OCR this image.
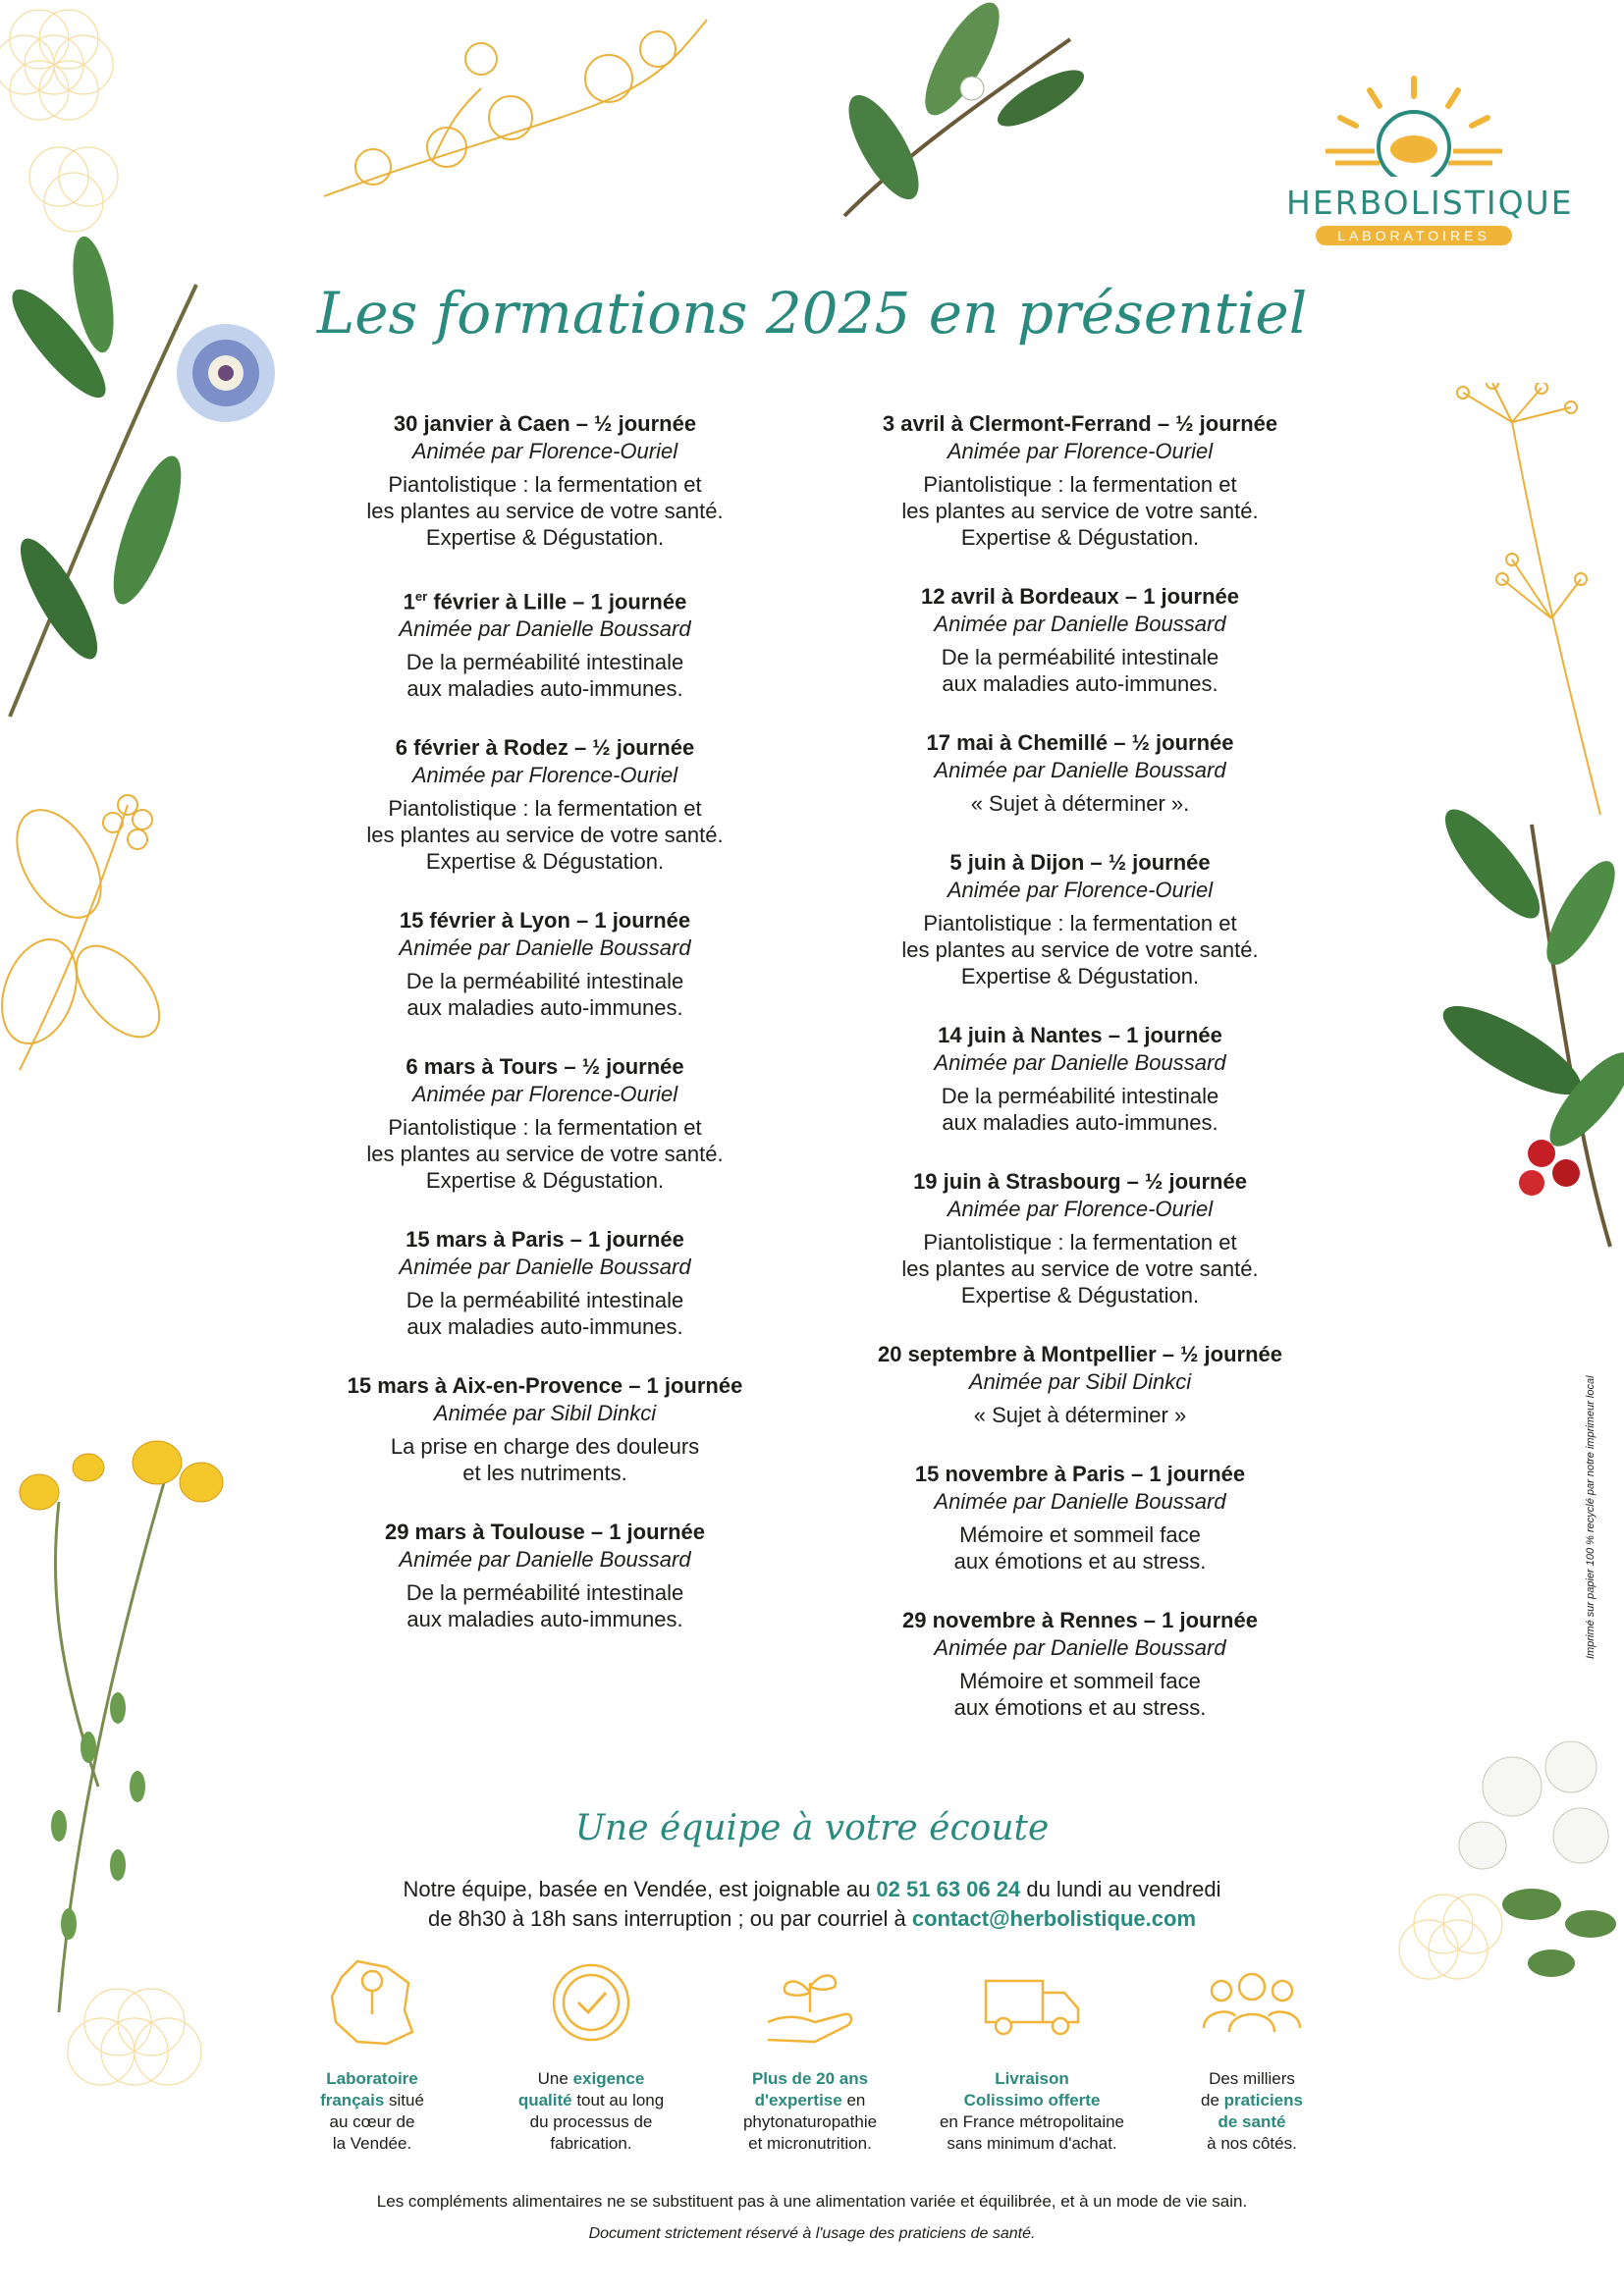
HERBOLISTIQUE
LABORATOIRES
Les formations 2025 en présentiel
30 janvier à Caen – ½ journée
Animée par Florence-Ouriel
Piantolistique : la fermentation et
les plantes au service de votre santé.
Expertise & Dégustation.
1er février à Lille – 1 journée
Animée par Danielle Boussard
De la perméabilité intestinale
aux maladies auto-immunes.
6 février à Rodez – ½ journée
Animée par Florence-Ouriel
Piantolistique : la fermentation et
les plantes au service de votre santé.
Expertise & Dégustation.
15 février à Lyon – 1 journée
Animée par Danielle Boussard
De la perméabilité intestinale
aux maladies auto-immunes.
6 mars à Tours – ½ journée
Animée par Florence-Ouriel
Piantolistique : la fermentation et
les plantes au service de votre santé.
Expertise & Dégustation.
15 mars à Paris – 1 journée
Animée par Danielle Boussard
De la perméabilité intestinale
aux maladies auto-immunes.
15 mars à Aix-en-Provence – 1 journée
Animée par Sibil Dinkci
La prise en charge des douleurs
et les nutriments.
29 mars à Toulouse – 1 journée
Animée par Danielle Boussard
De la perméabilité intestinale
aux maladies auto-immunes.
3 avril à Clermont-Ferrand – ½ journée
Animée par Florence-Ouriel
Piantolistique : la fermentation et
les plantes au service de votre santé.
Expertise & Dégustation.
12 avril à Bordeaux – 1 journée
Animée par Danielle Boussard
De la perméabilité intestinale
aux maladies auto-immunes.
17 mai à Chemillé – ½ journée
Animée par Danielle Boussard
« Sujet à déterminer ».
5 juin à Dijon – ½ journée
Animée par Florence-Ouriel
Piantolistique : la fermentation et
les plantes au service de votre santé.
Expertise & Dégustation.
14 juin à Nantes – 1 journée
Animée par Danielle Boussard
De la perméabilité intestinale
aux maladies auto-immunes.
19 juin à Strasbourg – ½ journée
Animée par Florence-Ouriel
Piantolistique : la fermentation et
les plantes au service de votre santé.
Expertise & Dégustation.
20 septembre à Montpellier – ½ journée
Animée par Sibil Dinkci
« Sujet à déterminer »
15 novembre à Paris – 1 journée
Animée par Danielle Boussard
Mémoire et sommeil face
aux émotions et au stress.
29 novembre à Rennes – 1 journée
Animée par Danielle Boussard
Mémoire et sommeil face
aux émotions et au stress.
Imprimé sur papier 100 % recyclé par notre imprimeur local
Une équipe à votre écoute
Notre équipe, basée en Vendée, est joignable au 02 51 63 06 24 du lundi au vendredi
de 8h30 à 18h sans interruption ; ou par courriel à contact@herbolistique.com
Laboratoire
français situé
au cœur de
la Vendée.
Une exigence
qualité tout au long
du processus de
fabrication.
Plus de 20 ans
d'expertise en
phytonaturopathie
et micronutrition.
Livraison
Colissimo offerte
en France métropolitaine
sans minimum d'achat.
Des milliers
de praticiens
de santé
à nos côtés.
Les compléments alimentaires ne se substituent pas à une alimentation variée et équilibrée, et à un mode de vie sain.
Document strictement réservé à l'usage des praticiens de santé.
